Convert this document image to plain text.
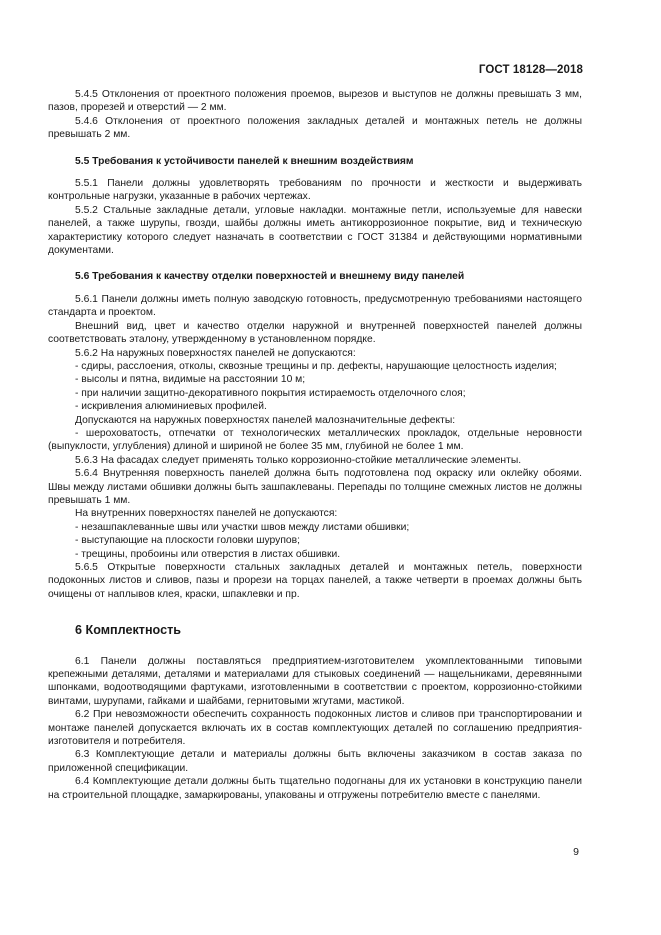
ГОСТ 18128—2018

5.4.5 Отклонения от проектного положения проемов, вырезов и выступов не должны превышать 3 мм, пазов, прорезей и отверстий — 2 мм.

5.4.6 Отклонения от проектного положения закладных деталей и монтажных петель не должны превышать 2 мм.

5.5 Требования к устойчивости панелей к внешним воздействиям

5.5.1 Панели должны удовлетворять требованиям по прочности и жесткости и выдерживать контрольные нагрузки, указанные в рабочих чертежах.

5.5.2 Стальные закладные детали, угловые накладки. монтажные петли, используемые для навески панелей, а также шурупы, гвозди, шайбы должны иметь антикоррозионное покрытие, вид и техническую характеристику которого следует назначать в соответствии с ГОСТ 31384 и действующими нормативными документами.

5.6 Требования к качеству отделки поверхностей и внешнему виду панелей

5.6.1 Панели должны иметь полную заводскую готовность, предусмотренную требованиями настоящего стандарта и проектом.

Внешний вид, цвет и качество отделки наружной и внутренней поверхностей панелей должны соответствовать эталону, утвержденному в установленном порядке.

5.6.2 На наружных поверхностях панелей не допускаются:

- сдиры, расслоения, отколы, сквозные трещины и пр. дефекты, нарушающие целостность изделия;

- высолы и пятна, видимые на расстоянии 10 м;

- при наличии защитно-декоративного покрытия истираемость отделочного слоя;

- искривления алюминиевых профилей.

Допускаются на наружных поверхностях панелей малозначительные дефекты:

- шероховатость, отпечатки от технологических металлических прокладок, отдельные неровности (выпуклости, углубления) длиной и шириной не более 35 мм, глубиной не более 1 мм.

5.6.3 На фасадах следует применять только коррозионно-стойкие металлические элементы.

5.6.4 Внутренняя поверхность панелей должна быть подготовлена под окраску или оклейку обоями. Швы между листами обшивки должны быть зашпаклеваны. Перепады по толщине смежных листов не должны превышать 1 мм.

На внутренних поверхностях панелей не допускаются:

- незашпаклеванные швы или участки швов между листами обшивки;

- выступающие на плоскости головки шурупов;

- трещины, пробоины или отверстия в листах обшивки.

5.6.5 Открытые поверхности стальных закладных деталей и монтажных петель, поверхности подоконных листов и сливов, пазы и прорези на торцах панелей, а также четверти в проемах должны быть очищены от наплывов клея, краски, шпаклевки и пр.

6 Комплектность

6.1 Панели должны поставляться предприятием-изготовителем укомплектованными типовыми крепежными деталями, деталями и материалами для стыковых соединений — нащельниками, деревянными шпонками, водоотводящими фартуками, изготовленными в соответствии с проектом, коррозионно-стойкими винтами, шурупами, гайками и шайбами, гернитовыми жгутами, мастикой.

6.2 При невозможности обеспечить сохранность подоконных листов и сливов при транспортировании и монтаже панелей допускается включать их в состав комплектующих деталей по соглашению предприятия-изготовителя и потребителя.

6.3 Комплектующие детали и материалы должны быть включены заказчиком в состав заказа по приложенной спецификации.

6.4 Комплектующие детали должны быть тщательно подогнаны для их установки в конструкцию панели на строительной площадке, замаркированы, упакованы и отгружены потребителю вместе с панелями.

9
